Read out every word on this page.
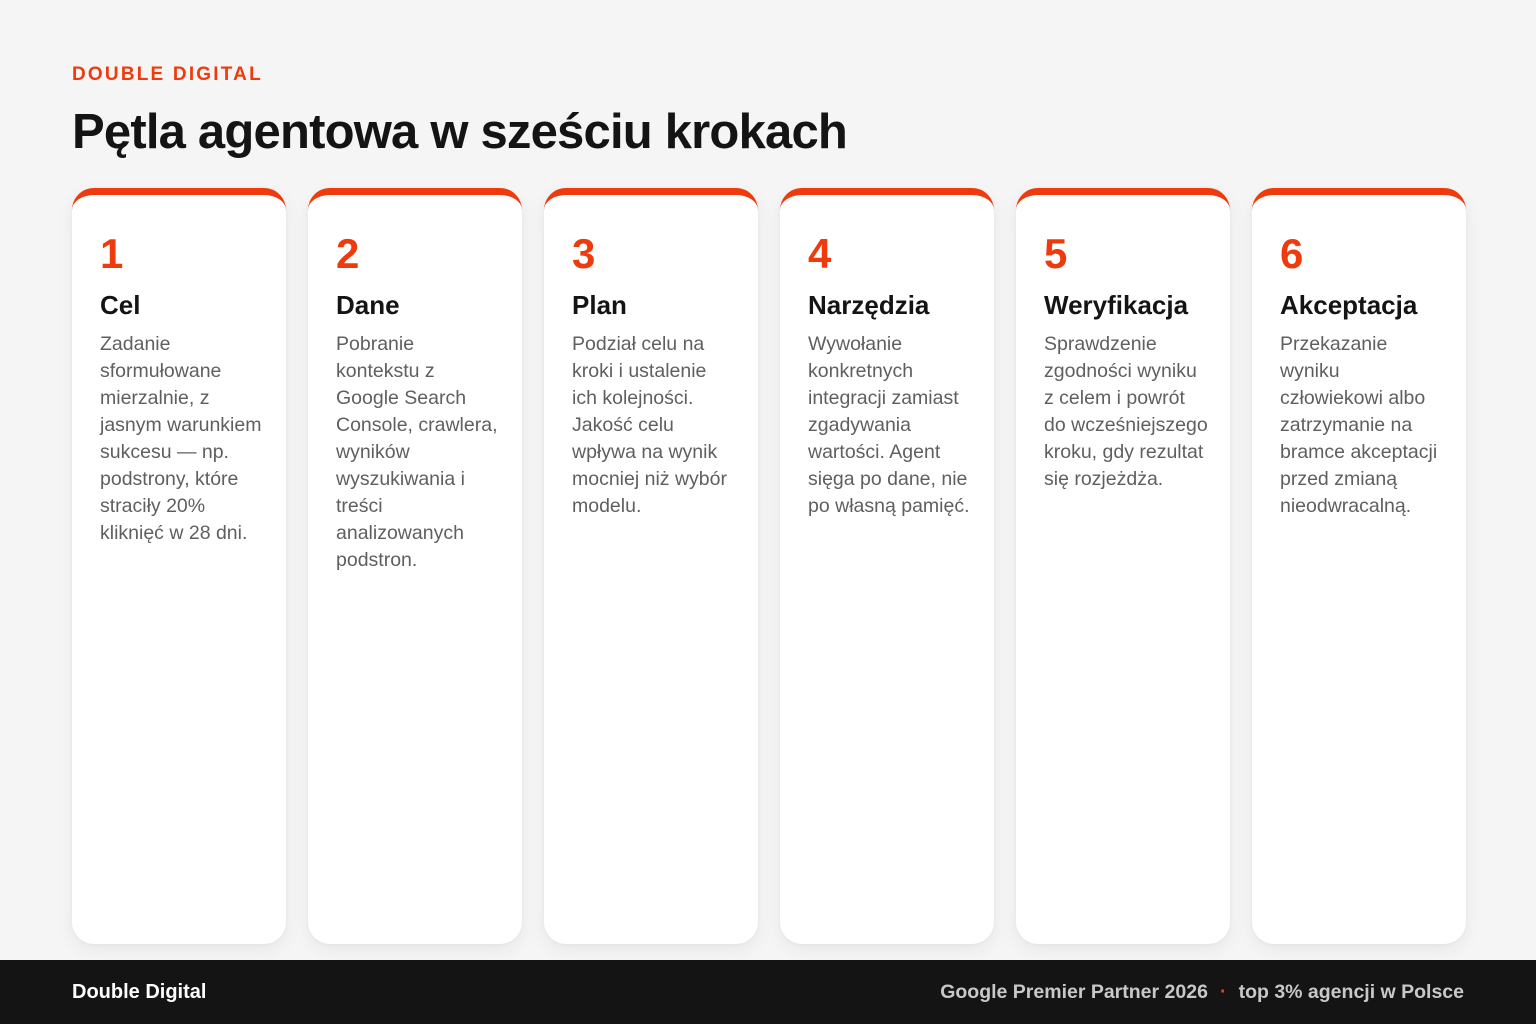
DOUBLE DIGITAL
Pętla agentowa w sześciu krokach
1
Cel
Zadanie sformułowane mierzalnie, z jasnym warunkiem sukcesu — np. podstrony, które straciły 20% kliknięć w 28 dni.
2
Dane
Pobranie kontekstu z Google Search Console, crawlera, wyników wyszukiwania i treści analizowanych podstron.
3
Plan
Podział celu na kroki i ustalenie ich kolejności. Jakość celu wpływa na wynik mocniej niż wybór modelu.
4
Narzędzia
Wywołanie konkretnych integracji zamiast zgadywania wartości. Agent sięga po dane, nie po własną pamięć.
5
Weryfikacja
Sprawdzenie zgodności wyniku z celem i powrót do wcześniejszego kroku, gdy rezultat się rozjeżdża.
6
Akceptacja
Przekazanie wyniku człowiekowi albo zatrzymanie na bramce akceptacji przed zmianą nieodwracalną.
Double Digital	Google Premier Partner 2026 · top 3% agencji w Polsce
